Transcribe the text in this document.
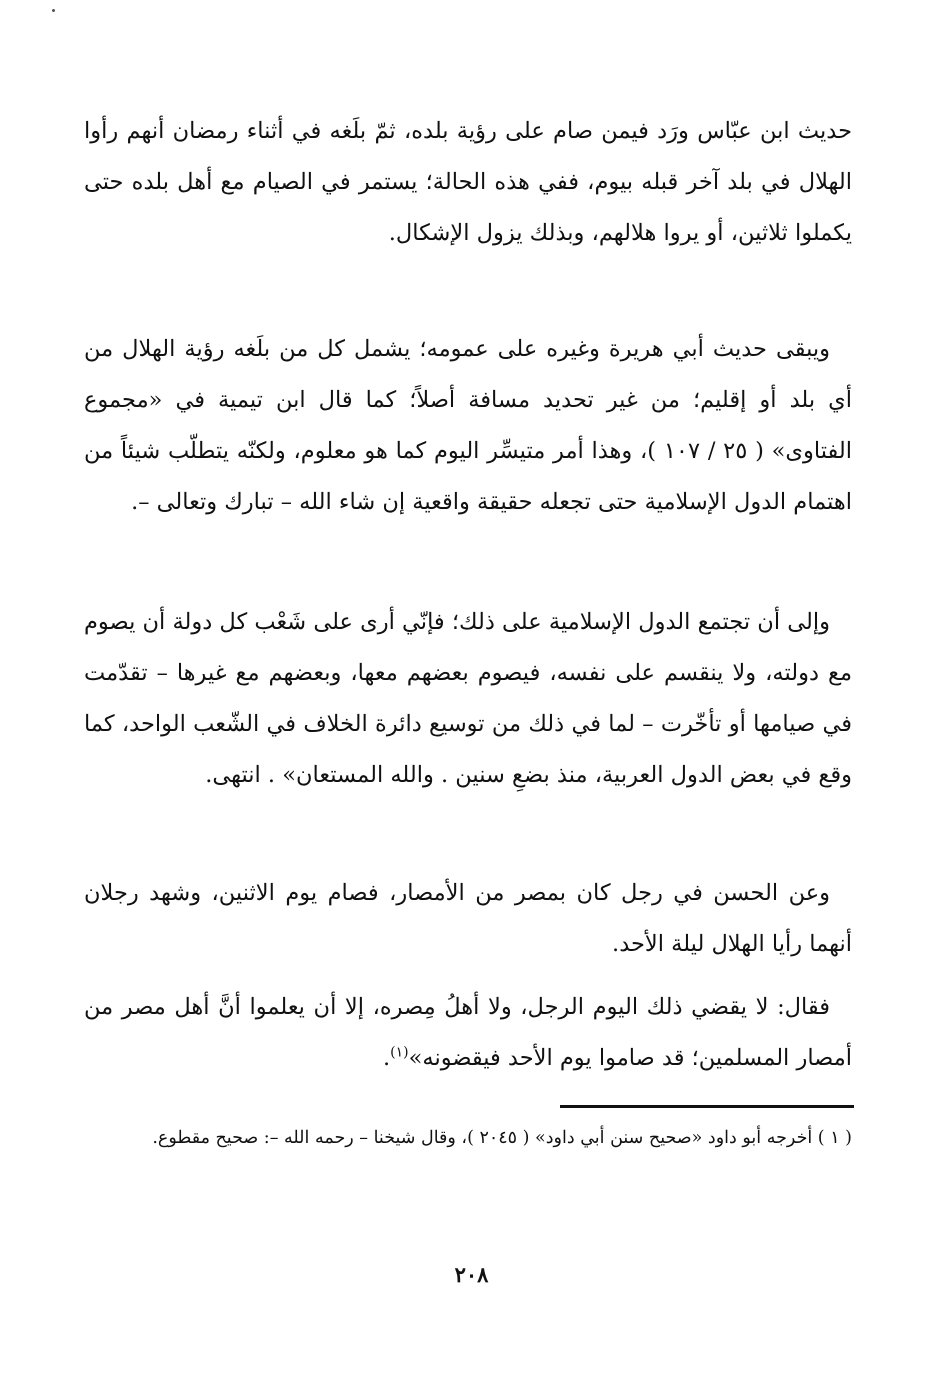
حديث ابن عبّاس ورَد فيمن صام على رؤية بلده، ثمّ بلَغه في أثناء رمضان أنهم رأوا الهلال في بلد آخر قبله بيوم، ففي هذه الحالة؛ يستمر في الصيام مع أهل بلده حتى يكملوا ثلاثين، أو يروا هلالهم، وبذلك يزول الإشكال.

ويبقى حديث أبي هريرة وغيره على عمومه؛ يشمل كل من بلَغه رؤية الهلال من أي بلد أو إقليم؛ من غير تحديد مسافة أصلاً؛ كما قال ابن تيمية في «مجموع الفتاوى» ( ٢٥ / ١٠٧ )، وهذا أمر متيسِّر اليوم كما هو معلوم، ولكنّه يتطلّب شيئاً من اهتمام الدول الإسلامية حتى تجعله حقيقة واقعية إن شاء الله – تبارك وتعالى –.

وإلى أن تجتمع الدول الإسلامية على ذلك؛ فإنّي أرى على شَعْب كل دولة أن يصوم مع دولته، ولا ينقسم على نفسه، فيصوم بعضهم معها، وبعضهم مع غيرها – تقدّمت في صيامها أو تأخّرت – لما في ذلك من توسيع دائرة الخلاف في الشّعب الواحد، كما وقع في بعض الدول العربية، منذ بضعِ سنين . والله المستعان» . انتهى.

وعن الحسن في رجل كان بمصر من الأمصار، فصام يوم الاثنين، وشهد رجلان أنهما رأيا الهلال ليلة الأحد.

فقال: لا يقضي ذلك اليوم الرجل، ولا أهلُ مِصره، إلا أن يعلموا أنَّ أهل مصر من أمصار المسلمين؛ قد صاموا يوم الأحد فيقضونه»$^{(١)}$.

( ١ ) أخرجه أبو داود «صحيح سنن أبي داود» ( ٢٠٤٥ )، وقال شيخنا – رحمه الله –: صحيح مقطوع.

٢٠٨
